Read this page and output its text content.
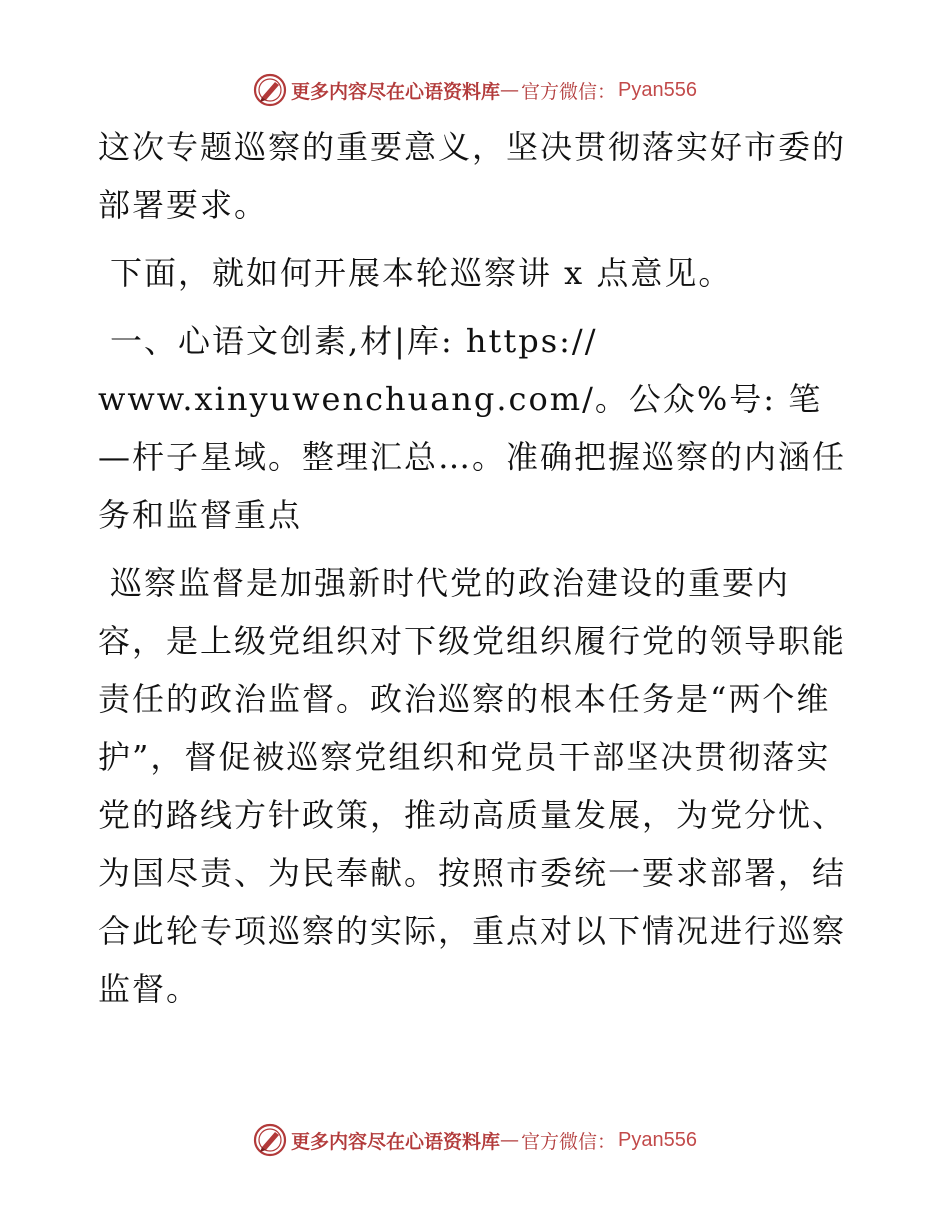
更多内容尽在心语资料库 — 官方微信： Pyan556

这次专题巡察的重要意义，坚决贯彻落实好市委的部署要求。

下面，就如何开展本轮巡察讲 x 点意见。

一、心语文创素,材|库: https://

www.xinyuwenchuang.com/。公众%号: 笔—杆子星域。整理汇总…。准确把握巡察的内涵任务和监督重点

巡察监督是加强新时代党的政治建设的重要内

容，是上级党组织对下级党组织履行党的领导职能责任的政治监督。政治巡察的根本任务是“两个维护”，督促被巡察党组织和党员干部坚决贯彻落实党的路线方针政策，推动高质量发展，为党分忧、为国尽责、为民奉献。按照市委统一要求部署，结合此轮专项巡察的实际，重点对以下情况进行巡察监督。

更多内容尽在心语资料库 — 官方微信： Pyan556
